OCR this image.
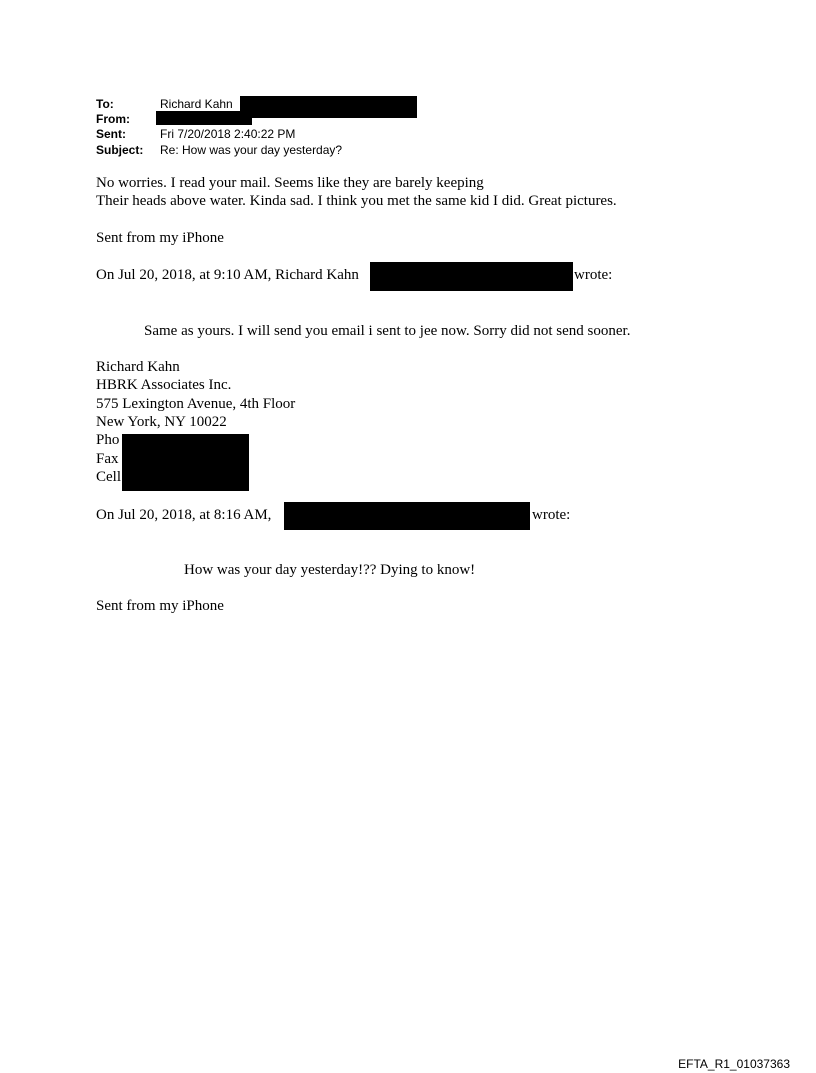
To:	Richard Kahn
From:
Sent:	Fri 7/20/2018 2:40:22 PM
Subject: Re: How was your day yesterday?
No worries. I read your mail. Seems like they are barely keeping
Their heads above water. Kinda sad. I think you met the same kid I did. Great pictures.
Sent from my iPhone
On Jul 20, 2018, at 9:10 AM, Richard Kahn	wrote:
Same as yours. I will send you email i sent to jee now. Sorry did not send sooner.
Richard Kahn
HBRK Associates Inc.
575 Lexington Avenue, 4th Floor
New York, NY 10022
Pho
Fax
Cell
On Jul 20, 2018, at 8:16 AM,	wrote:
How was your day yesterday!?? Dying to know!
Sent from my iPhone
EFTA_R1_01037363
